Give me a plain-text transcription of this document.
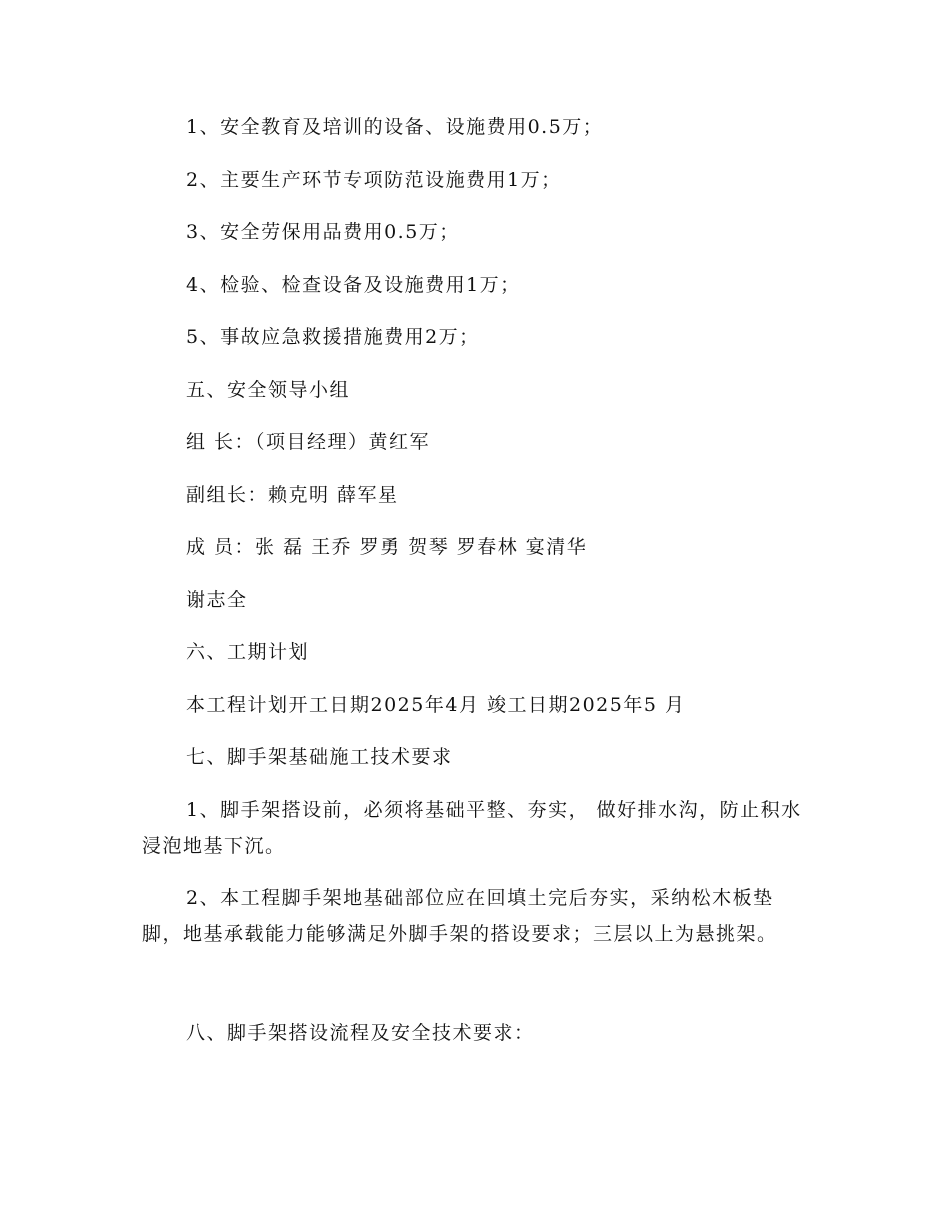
1、安全教育及培训的设备、设施费用0.5万；
2、主要生产环节专项防范设施费用1万；
3、安全劳保用品费用0.5万；
4、检验、检查设备及设施费用1万；
5、事故应急救援措施费用2万；
五、安全领导小组
组 长：（项目经理）黄红军
副组长：赖克明 薛军星
成 员：张 磊 王乔 罗勇 贺琴 罗春林 宴清华
谢志全
六、工期计划
本工程计划开工日期2025年4月 竣工日期2025年5 月
七、脚手架基础施工技术要求
1、脚手架搭设前，必须将基础平整、夯实， 做好排水沟，防止积水浸泡地基下沉。
2、本工程脚手架地基础部位应在回填土完后夯实，采纳松木板垫脚，地基承载能力能够满足外脚手架的搭设要求；三层以上为悬挑架。
八、脚手架搭设流程及安全技术要求：
